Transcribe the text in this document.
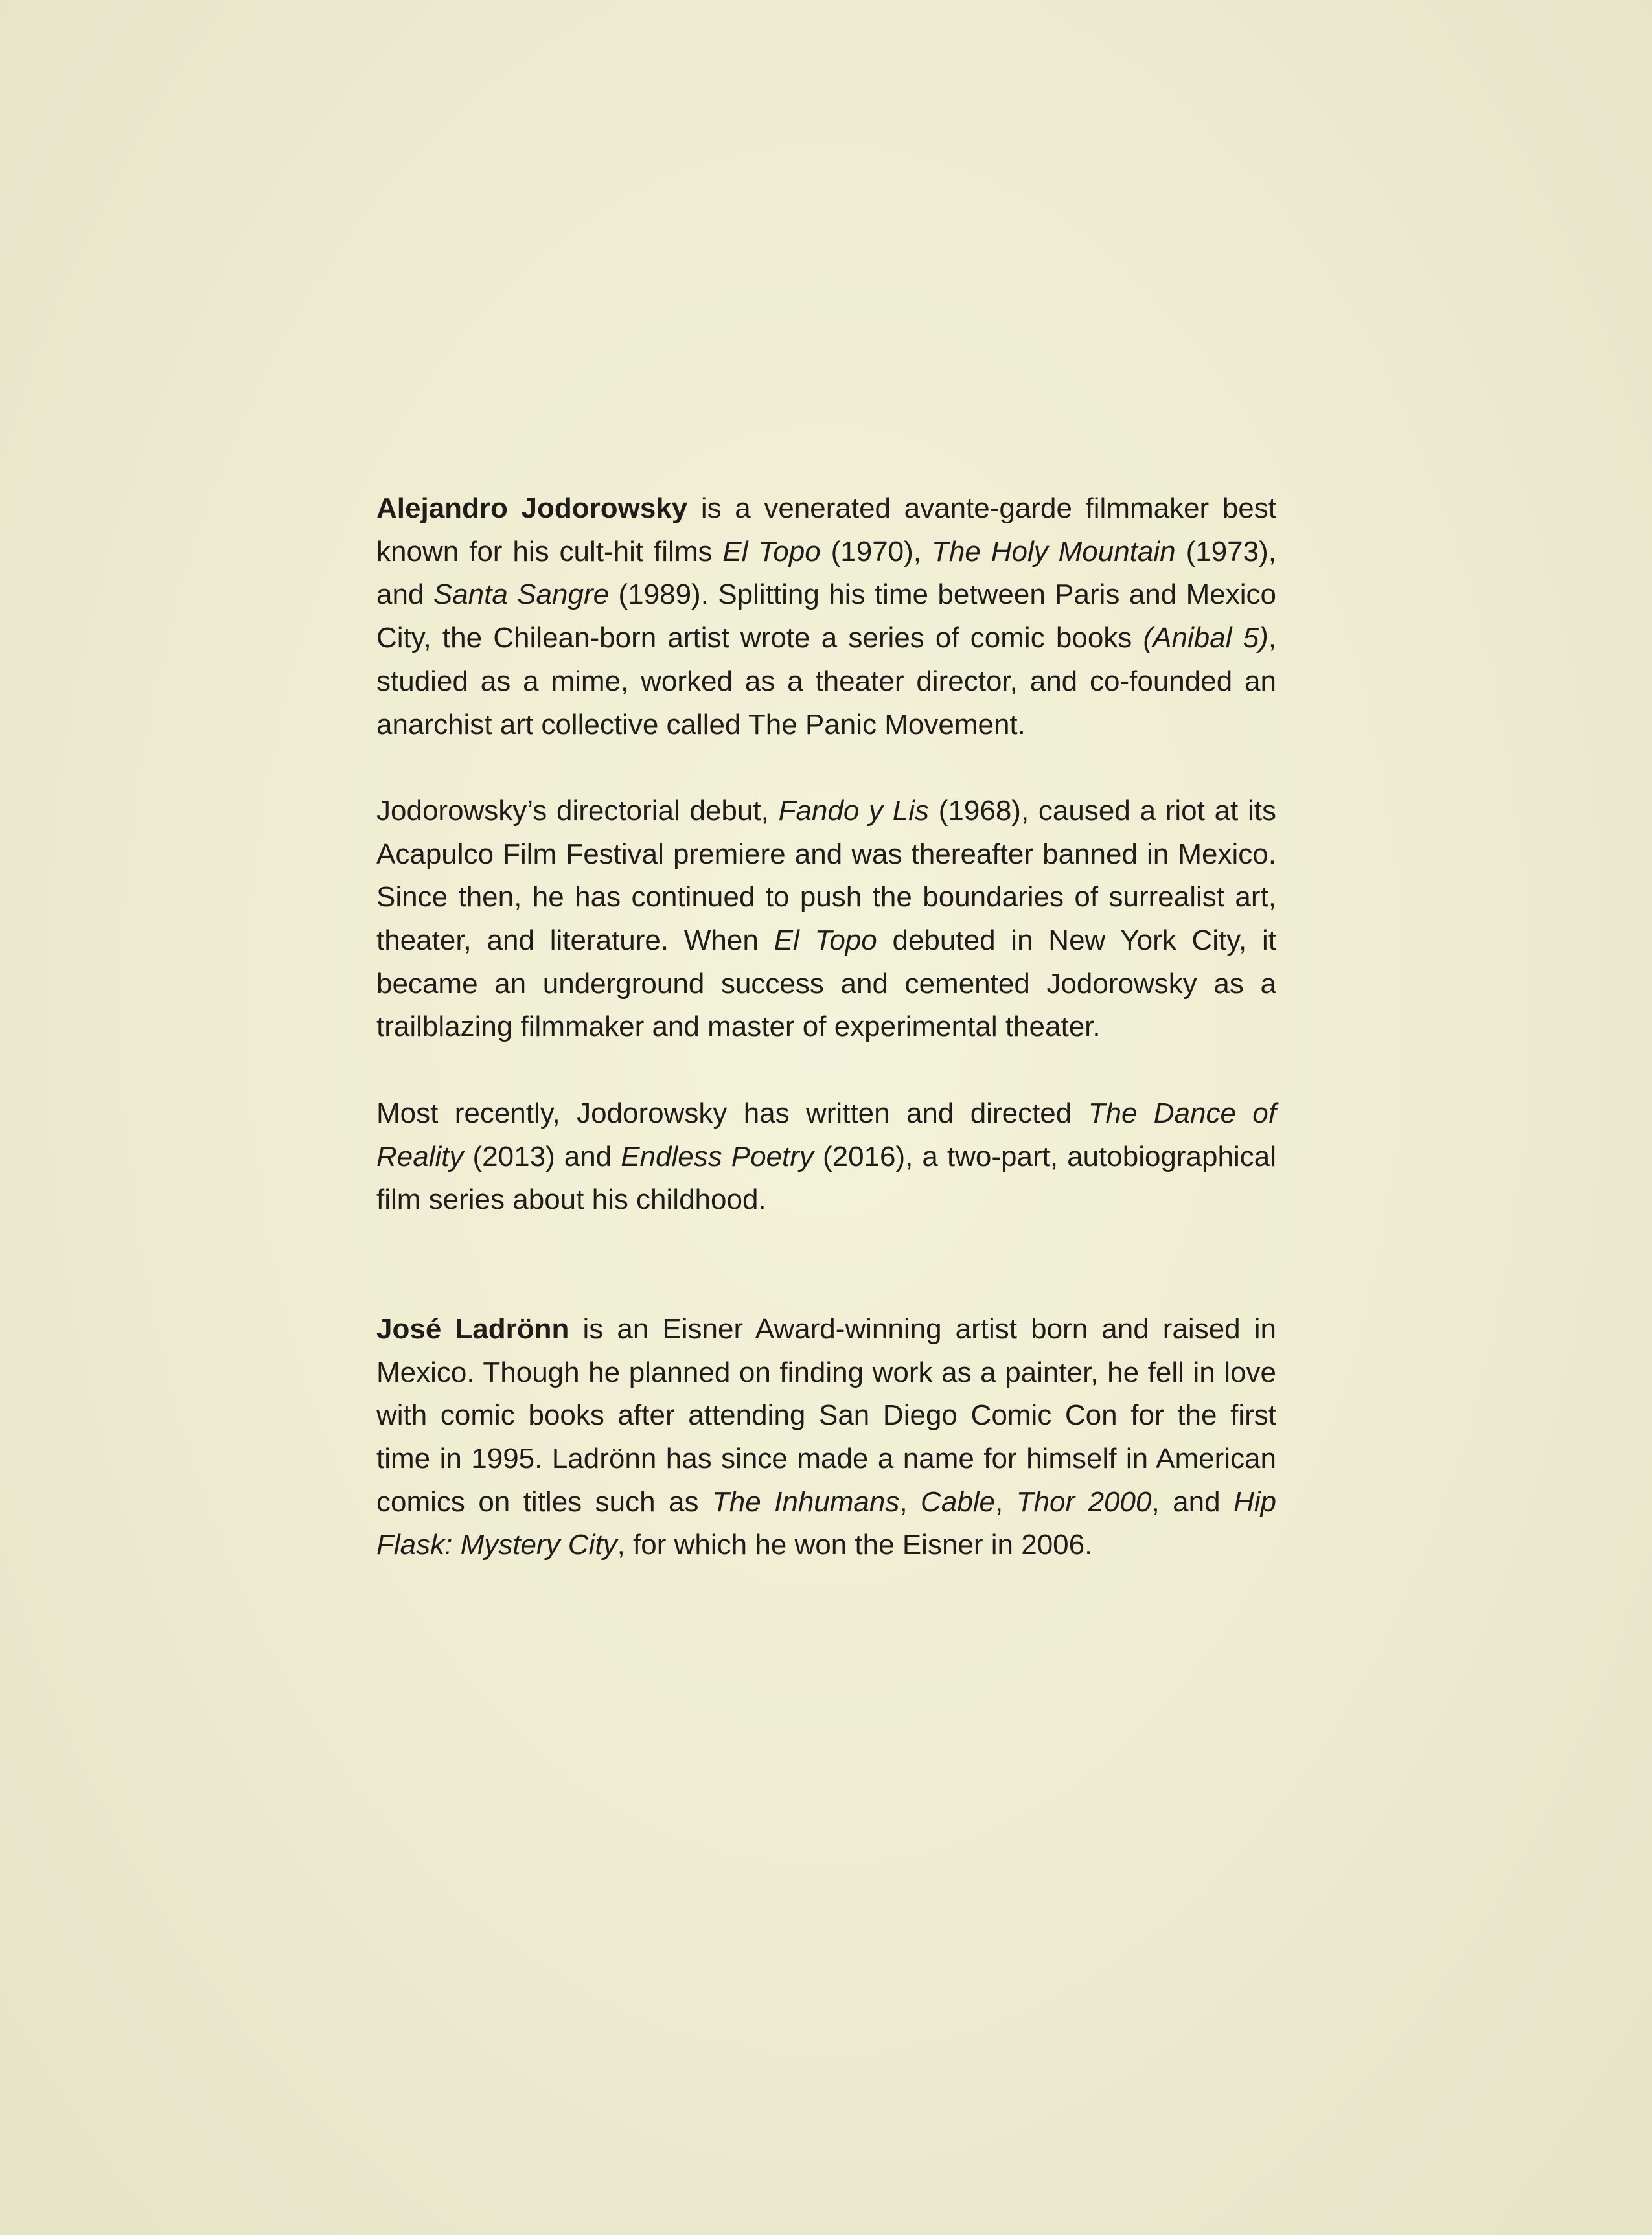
Alejandro Jodorowsky is a venerated avante-garde filmmaker best known for his cult-hit films El Topo (1970), The Holy Mountain (1973), and Santa Sangre (1989). Splitting his time between Paris and Mexico City, the Chilean-born artist wrote a series of comic books (Anibal 5), studied as a mime, worked as a theater director, and co-founded an anarchist art collective called The Panic Movement.

Jodorowsky’s directorial debut, Fando y Lis (1968), caused a riot at its Acapulco Film Festival premiere and was thereafter banned in Mexico. Since then, he has continued to push the boundaries of surrealist art, theater, and literature. When El Topo debuted in New York City, it became an underground success and cemented Jodorowsky as a trailblazing filmmaker and master of experimental theater.

Most recently, Jodorowsky has written and directed The Dance of Reality (2013) and Endless Poetry (2016), a two-part, autobiographical film series about his childhood.

José Ladrönn is an Eisner Award-winning artist born and raised in Mexico. Though he planned on finding work as a painter, he fell in love with comic books after attending San Diego Comic Con for the first time in 1995. Ladrönn has since made a name for himself in American comics on titles such as The Inhumans, Cable, Thor 2000, and Hip Flask: Mystery City, for which he won the Eisner in 2006.
